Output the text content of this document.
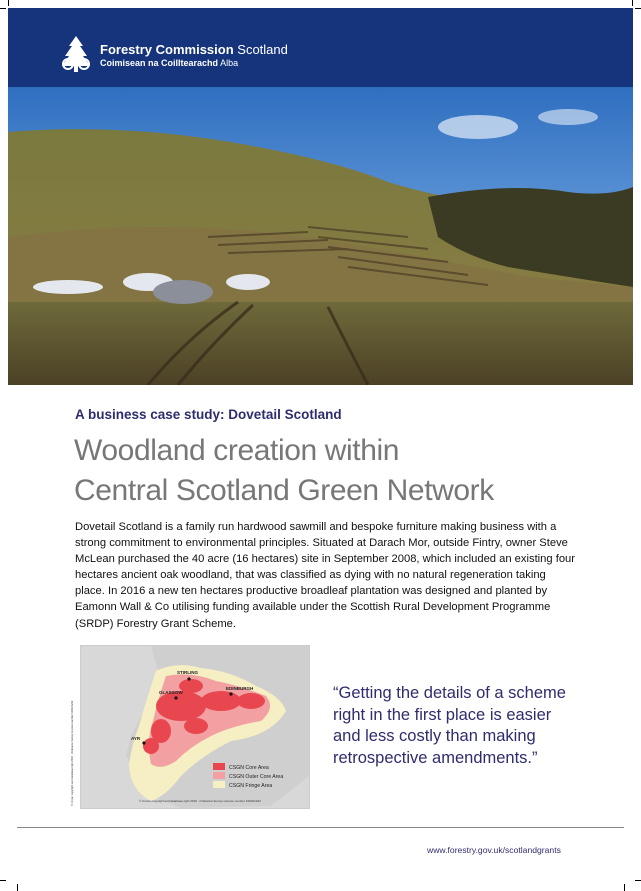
Forestry Commission Scotland
Coimisean na Coilltearachd Alba
A business case study: Dovetail Scotland
Woodland creation within
Central Scotland Green Network
Dovetail Scotland is a family run hardwood sawmill and bespoke furniture making business with a strong commitment to environmental principles. Situated at Darach Mor, outside Fintry, owner Steve McLean purchased the 40 acre (16 hectares) site in September 2008, which included an existing four hectares ancient oak woodland, that was classified as dying with no natural regeneration taking place. In 2016 a new ten hectares productive broadleaf plantation was designed and planted by Eamonn Wall & Co utilising funding available under the Scottish Rural Development Programme (SRDP) Forestry Grant Scheme.
STIRLING
GLASGOW
EDINBURGH
AYR
CSGN Core Area
CSGN Outer Core Area
CSGN Fringe Area
© Crown copyright and database right 2016 . Ordnance Survey Licence number 100021242
© Crown copyright and database right 2016 . Ordnance Survey Licence number 100021242
“Getting the details of a scheme right in the first place is easier and less costly than making retrospective amendments.”
www.forestry.gov.uk/scotlandgrants
